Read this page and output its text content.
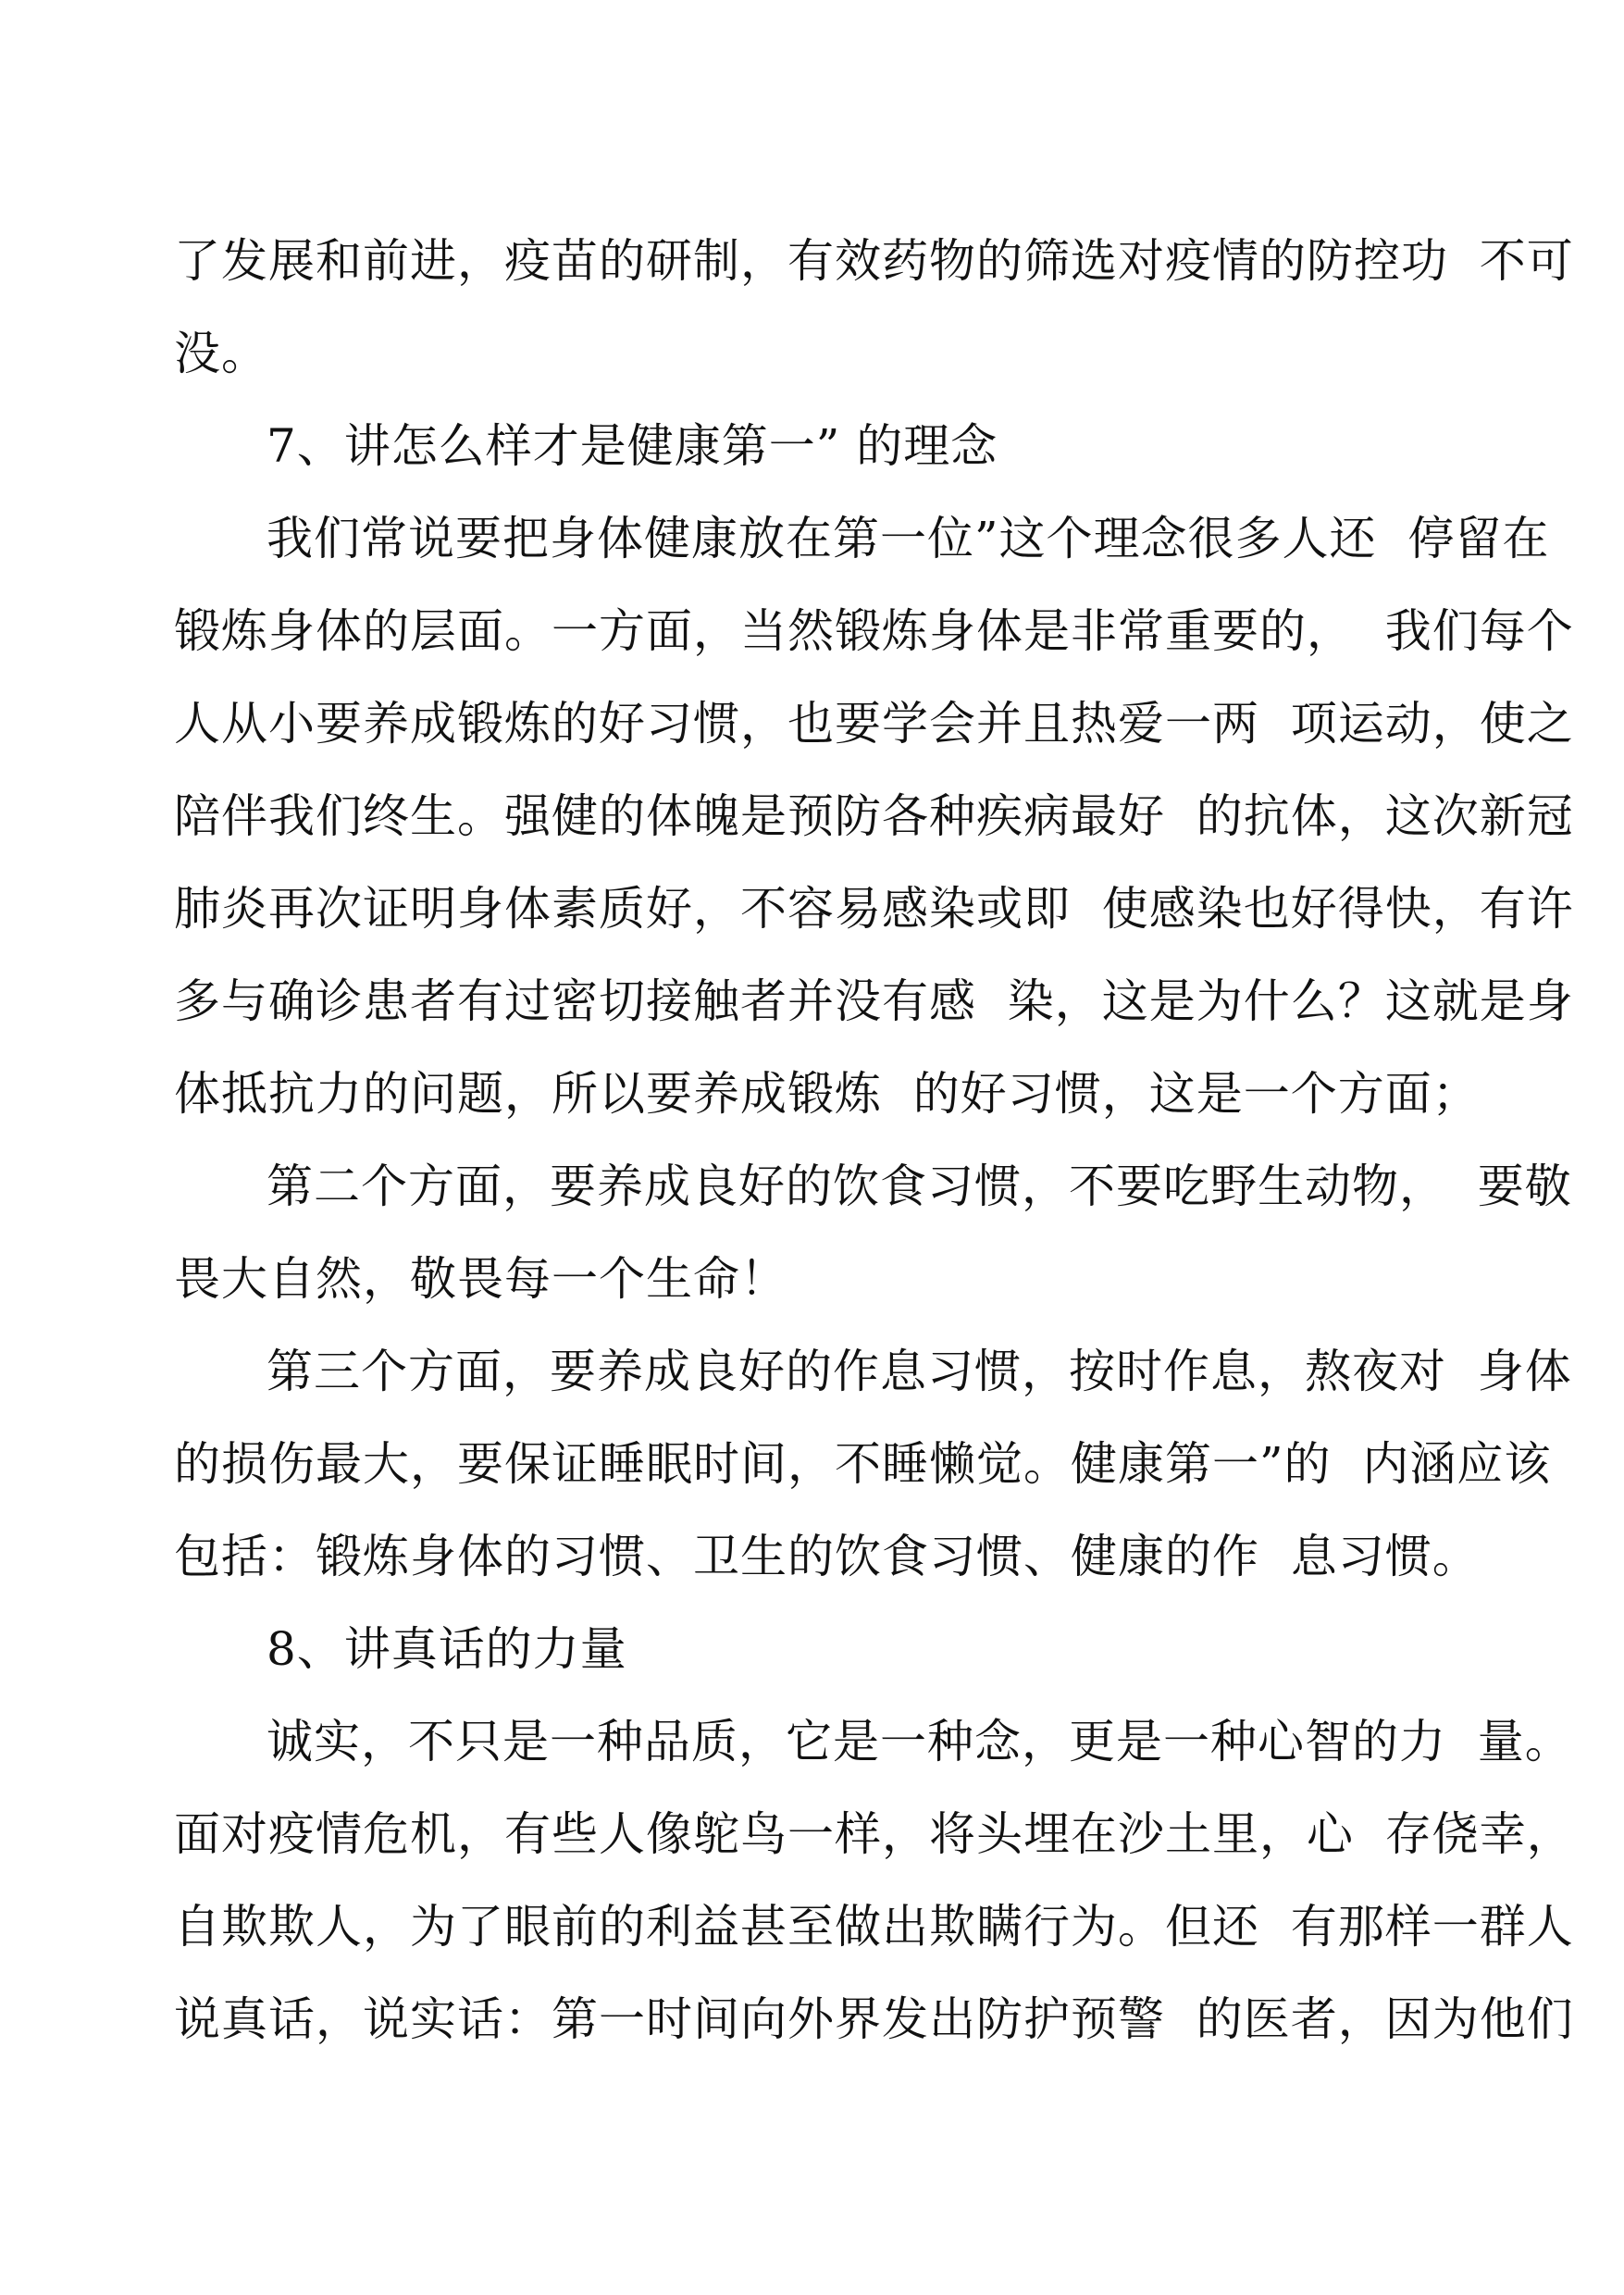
了发展和前进，疫苗的研制，有效药物的筛选对疫情的防控功  不可
没。
7、讲怎么样才是健康第一” 的理念
我们常说要把身体健康放在第一位”这个理念很多人还  停留在
锻炼身体的层面。一方面，当然锻炼身体是非常重要的，  我们每个
人从小要养成锻炼的好习惯，也要学会并且热爱一两  项运动，使之
陪伴我们终生。强健的体魄是预防各种疾病最好  的抗体，这次新冠
肺炎再次证明身体素质好，不容易感染或即  使感染也好得快，有许
多与确诊患者有过密切接触者并没有感  染，这是为什么？这就是身
体抵抗力的问题，所以要养成锻炼  的好习惯，这是一个方面；
第二个方面，要养成良好的饮食习惯，不要吃野生动物，  要敬
畏大自然，敬畏每一个生命！
第三个方面，要养成良好的作息习惯，按时作息，熬夜对  身体
的损伤最大，要保证睡眠时间，不睡懒觉。健康第一”的  内涵应该
包括：锻炼身体的习惯、卫生的饮食习惯、健康的作  息习惯。
8、讲真话的力量
诚实，不只是一种品质，它是一种念，更是一种心智的力  量。
面对疫情危机，有些人像鸵鸟一样，将头埋在沙土里，心  存侥幸，
自欺欺人，为了眼前的利益甚至做出欺瞒行为。但还  有那样一群人
说真话，说实话：第一时间向外界发出防护预警  的医者，因为他们
